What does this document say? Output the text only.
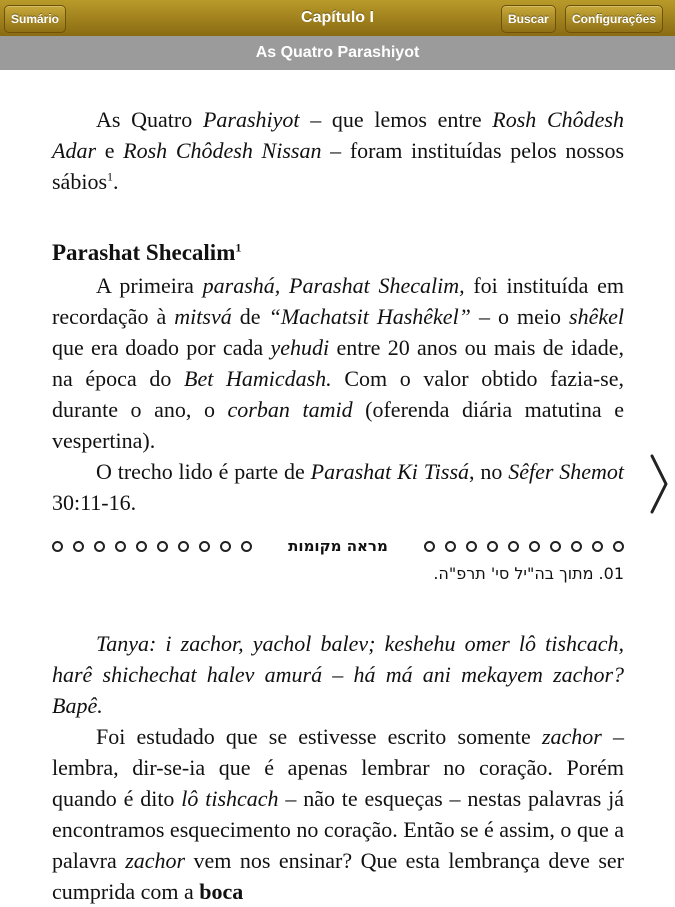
Capítulo I
Sumário	Buscar	Configurações
As Quatro Parashiyot

As Quatro Parashiyot – que lemos entre Rosh Chôdesh Adar e Rosh Chôdesh Nissan – foram instituídas pelos nossos sábios$^1$.

Parashat Shecalim$^1$

A primeira parashá, Parashat Shecalim, foi instituída em recordação à mitsvá de “Machatsit Hashêkel” – o meio shêkel que era doado por cada yehudi entre 20 anos ou mais de idade, na época do Bet Hamicdash. Com o valor obtido fazia-se, durante o ano, o corban tamid (oferenda diária matutina e vespertina).

O trecho lido é parte de Parashat Ki Tissá, no Sêfer Shemot 30:11-16.

מראה מקומות

01. מתוך בה"יל סי' תרפ"ה.

Tanya: i zachor, yachol balev; keshehu omer lô tishcach, harê shichechat halev amurá – há má ani mekayem zachor? Bapê.

Foi estudado que se estivesse escrito somente zachor – lembra, dir-se-ia que é apenas lembrar no coração. Porém quando é dito lô tishcach – não te esqueças – nestas palavras já encontramos esquecimento no coração. Então se é assim, o que a palavra zachor vem nos ensinar? Que esta lembrança deve ser cumprida com a boca
